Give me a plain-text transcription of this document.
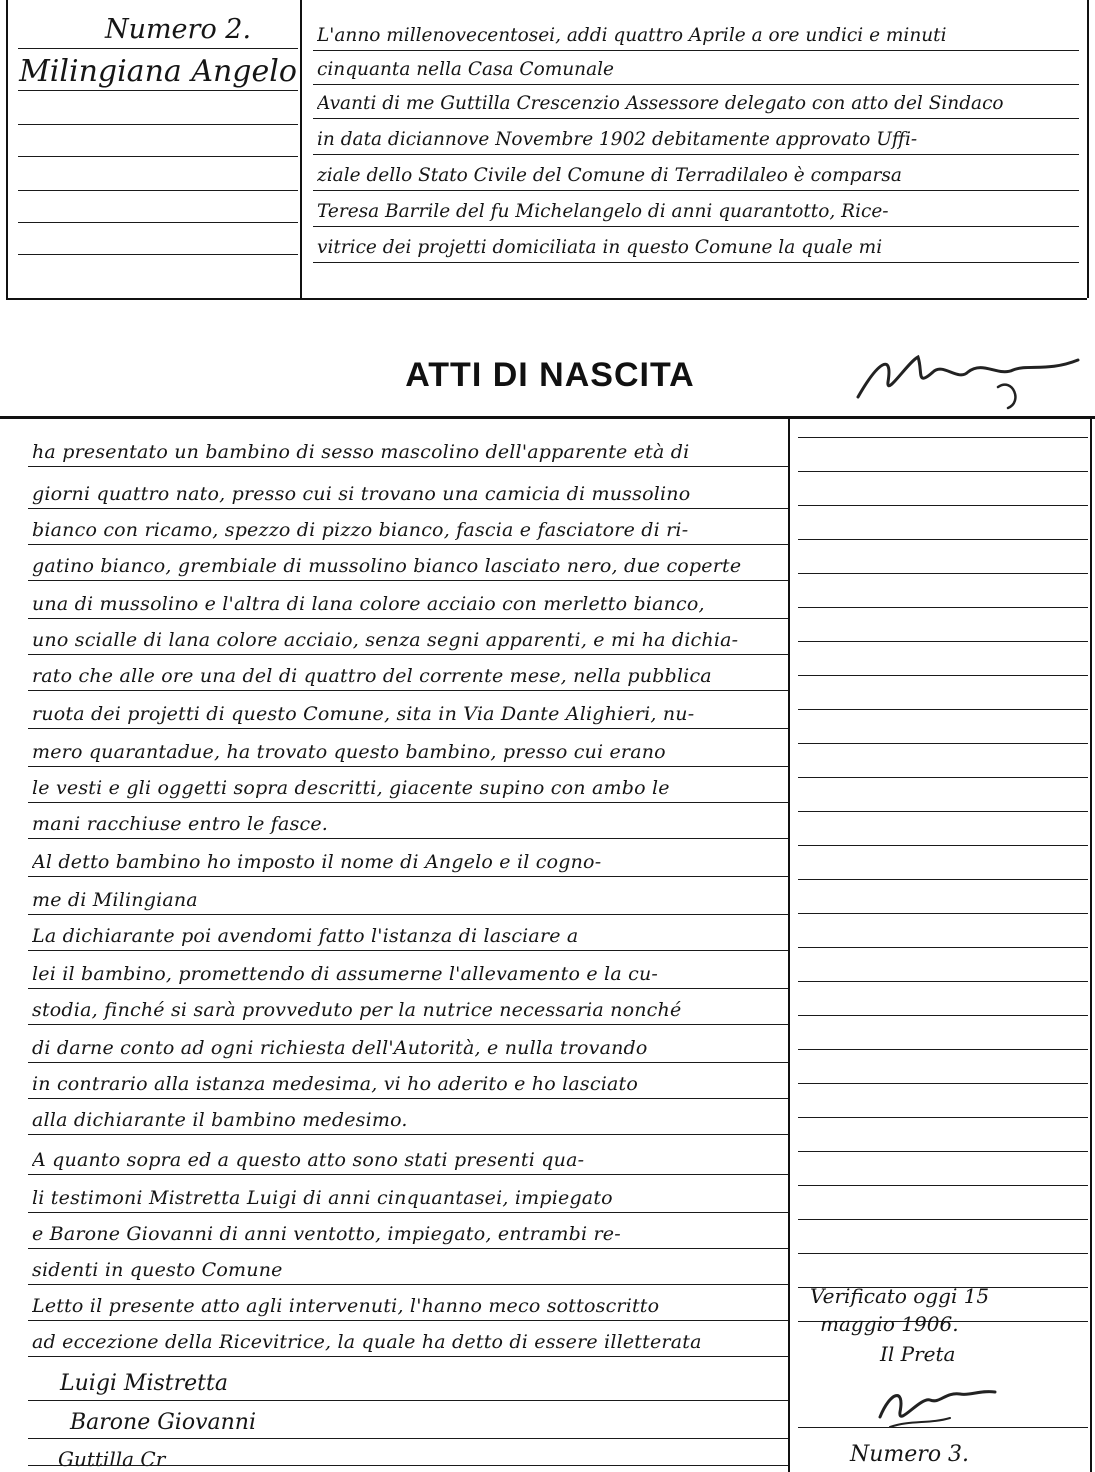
Numero 2.
Milingiana Angelo
L'anno millenovecentosei, addi quattro Aprile a ore undici e minuti
cinquanta nella Casa Comunale
Avanti di me Guttilla Crescenzio Assessore delegato con atto del Sindaco
in data diciannove Novembre 1902 debitamente approvato Uffi-
ziale dello Stato Civile del Comune di Terradilaleo è comparsa
Teresa Barrile del fu Michelangelo di anni quarantotto, Rice-
vitrice dei projetti domiciliata in questo Comune la quale mi
ATTI DI NASCITA
ha presentato un bambino di sesso mascolino dell'apparente età di
giorni quattro nato, presso cui si trovano una camicia di mussolino
bianco con ricamo, spezzo di pizzo bianco, fascia e fasciatore di ri-
gatino bianco, grembiale di mussolino bianco lasciato nero, due coperte
una di mussolino e l'altra di lana colore acciaio con merletto bianco,
uno scialle di lana colore acciaio, senza segni apparenti, e mi ha dichia-
rato che alle ore una del di quattro del corrente mese, nella pubblica
ruota dei projetti di questo Comune, sita in Via Dante Alighieri, nu-
mero quarantadue, ha trovato questo bambino, presso cui erano
le vesti e gli oggetti sopra descritti, giacente supino con ambo le
mani racchiuse entro le fasce.
Al detto bambino ho imposto il nome di Angelo e il cogno-
me di Milingiana
La dichiarante poi avendomi fatto l'istanza di lasciare a
lei il bambino, promettendo di assumerne l'allevamento e la cu-
stodia, finché si sarà provveduto per la nutrice necessaria nonché
di darne conto ad ogni richiesta dell'Autorità, e nulla trovando
in contrario alla istanza medesima, vi ho aderito e ho lasciato
alla dichiarante il bambino medesimo.
A quanto sopra ed a questo atto sono stati presenti qua-
li testimoni Mistretta Luigi di anni cinquantasei, impiegato
e Barone Giovanni di anni ventotto, impiegato, entrambi re-
sidenti in questo Comune
Letto il presente atto agli intervenuti, l'hanno meco sottoscritto
ad eccezione della Ricevitrice, la quale ha detto di essere illetterata
Luigi Mistretta
Barone Giovanni
Guttilla Cr
Verificato oggi 15
maggio 1906.
Il Preta
Numero 3.
